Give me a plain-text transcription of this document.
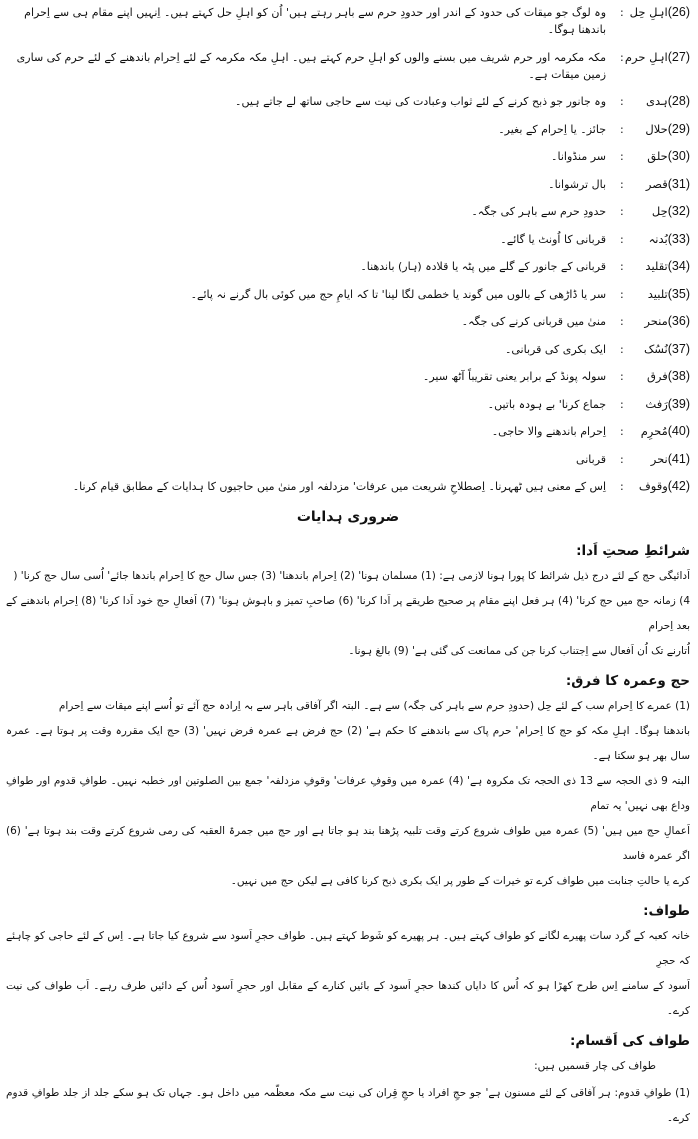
(26)
اہلِ حِل
:
وہ لوگ جو میقات کی حدود کے اندر اور حدودِ حرم سے باہر رہتے ہیں' اُن کو اہلِ حل کہتے ہیں۔ اِنہیں اپنے مقام ہی سے اِحرام باندھنا ہوگا۔
(27)
اہلِ حرم
:
مکہ مکرمہ اور حرم شریف میں بسنے والوں کو اہلِ حرم کہتے ہیں۔ اہلِ مکہ مکرمہ کے لئے اِحرام باندھنے کے لئے حرم کی ساری زمین میقات ہے۔
(28)
ہدی
:
وہ جانور جو ذبح کرنے کے لئے ثواب وعبادت کی نیت سے حاجی ساتھ لے جاتے ہیں۔
(29)
حلال
:
جائز۔ یا اِحرام کے بغیر۔
(30)
حلق
:
سر منڈوانا۔
(31)
قصر
:
بال ترشوانا۔
(32)
حِل
:
حدودِ حرم سے باہر کی جگہ۔
(33)
بُدنہ
:
قربانی کا اُونٹ یا گائے۔
(34)
تقلید
:
قربانی کے جانور کے گلے میں پٹہ یا قلادہ (ہار) باندھنا۔
(35)
تلبید
:
سر یا ڈاڑھی کے بالوں میں گوند یا خطمی لگا لینا' تا کہ ایامِ حج میں کوئی بال گرنے نہ پائے۔
(36)
منحر
:
منیٰ میں قربانی کرنے کی جگہ۔
(37)
نُسُک
:
ایک بکری کی قربانی۔
(38)
فرق
:
سولہ پونڈ کے برابر یعنی تقریباً آٹھ سیر۔
(39)
رَفث
:
جماع کرنا' بے ہودہ باتیں۔
(40)
مُحرِم
:
اِحرام باندھنے والا حاجی۔
(41)
نحر
:
قربانی
(42)
وقوف
:
اِس کے معنی ہیں ٹھہرنا۔ اِصطلاحِ شریعت میں عرفات' مزدلفہ اور منیٰ میں حاجیوں کا ہدایات کے مطابق قیام کرنا۔
ضروری ہدایات
شرائطِ صحتِ اَدا:
اَدائیگی حج کے لئے درج ذیل شرائط کا پورا ہونا لازمی ہے: (1) مسلمان ہونا' (2) اِحرام باندھنا' (3) جس سال حج کا اِحرام باندھا جائے' اُسی سال حج کرنا' (
4) زمانہ حج میں حج کرنا' (4) ہر فعل اپنے مقام پر صحیح طریقے پر اَدا کرنا' (6) صاحبِ تمیز و باہوش ہونا' (7) اَفعالِ حج خود اَدا کرنا' (8) اِحرام باندھنے کے بعد اِحرام
اُتارنے تک اُن اَفعال سے اِجتناب کرنا جن کی ممانعت کی گئی ہے' (9) بالغ ہونا۔
حج وعمرہ کا فرق:
(1) عمرے کا اِحرام سب کے لئے حِل (حدودِ حرم سے باہر کی جگہ) سے ہے۔ البتہ اگر آفاقی باہر سے بہ اِرادہ حج آئے تو اُسے اپنے میقات سے اِحرام
باندھنا ہوگا۔ اہلِ مکہ کو حج کا اِحرام' حرم پاک سے باندھنے کا حکم ہے' (2) حج فرض ہے عمرہ فرض نہیں' (3) حج ایک مقررہ وقت پر ہوتا ہے۔ عمرہ سال بھر ہو سکتا ہے۔
البتہ 9 ذی الحجہ سے 13 ذی الحجہ تک مکروہ ہے' (4) عمرہ میں وقوفِ عرفات' وقوفِ مزدلفہ' جمع بین الصلوتین اور خطبہ نہیں۔ طوافِ قدوم اور طوافِ وداع بھی نہیں' یہ تمام
اَعمالِ حج میں ہیں' (5) عمرہ میں طواف شروع کرتے وقت تلبیہ پڑھنا بند ہو جاتا ہے اور حج میں جمرۃ العقبہ کی رمی شروع کرتے وقت بند ہوتا ہے' (6) اگر عمرہ فاسد
کرے یا حالتِ جنابت میں طواف کرے تو خیرات کے طور پر ایک بکری ذبح کرنا کافی ہے لیکن حج میں نہیں۔
طواف:
خانہ کعبہ کے گرد سات پھیرے لگانے کو طواف کہتے ہیں۔ ہر پھیرے کو شَوط کہتے ہیں۔ طواف حجرِ اَسود سے شروع کیا جاتا ہے۔ اِس کے لئے حاجی کو چاہئے کہ حجرِ
اَسود کے سامنے اِس طرح کھڑا ہو کہ اُس کا دایاں کندھا حجرِ اَسود کے بائیں کنارے کے مقابل اور حجرِ اَسود اُس کے دائیں طرف رہے۔ اَب طواف کی نیت کرے۔
طواف کی اَقسام:
طواف کی چار قسمیں ہیں:
(1) طوافِ قدوم: ہر آفاقی کے لئے مسنون ہے' جو حجِ افراد یا حجِ قِران کی نیت سے مکہ معظّمہ میں داخل ہو۔ جہاں تک ہو سکے جلد از جلد طوافِ قدوم کرے۔
